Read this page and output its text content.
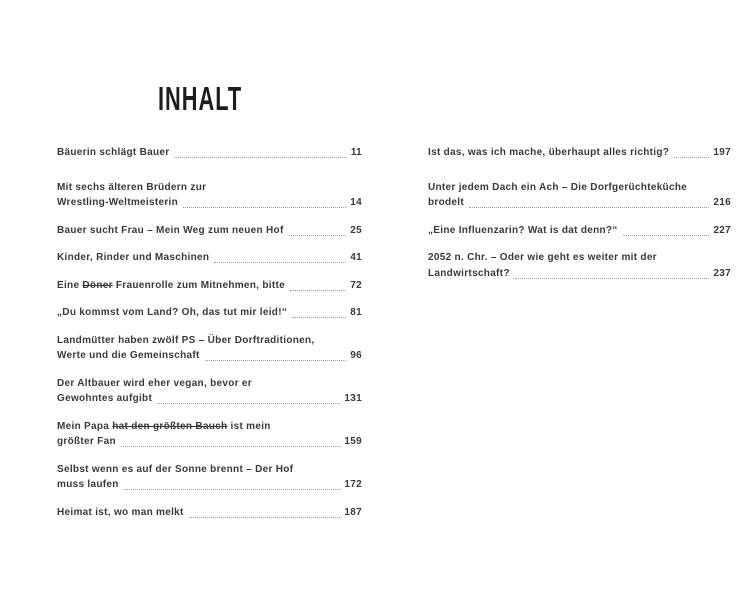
INHALT
Bäuerin schlägt Bauer	11
Mit sechs älteren Brüdern zur
Wrestling-Weltmeisterin	14
Bauer sucht Frau – Mein Weg zum neuen Hof	25
Kinder, Rinder und Maschinen	41
Eine Döner Frauenrolle zum Mitnehmen, bitte	72
„Du kommst vom Land? Oh, das tut mir leid!“	81
Landmütter haben zwölf PS – Über Dorftraditionen,
Werte und die Gemeinschaft	96
Der Altbauer wird eher vegan, bevor er
Gewohntes aufgibt	131
Mein Papa hat den größten Bauch ist mein
größter Fan	159
Selbst wenn es auf der Sonne brennt – Der Hof
muss laufen	172
Heimat ist, wo man melkt	187
Ist das, was ich mache, überhaupt alles richtig?	197
Unter jedem Dach ein Ach – Die Dorfgerüchteküche
brodelt	216
„Eine Influenzarin? Wat is dat denn?“	227
2052 n. Chr. – Oder wie geht es weiter mit der
Landwirtschaft?	237
